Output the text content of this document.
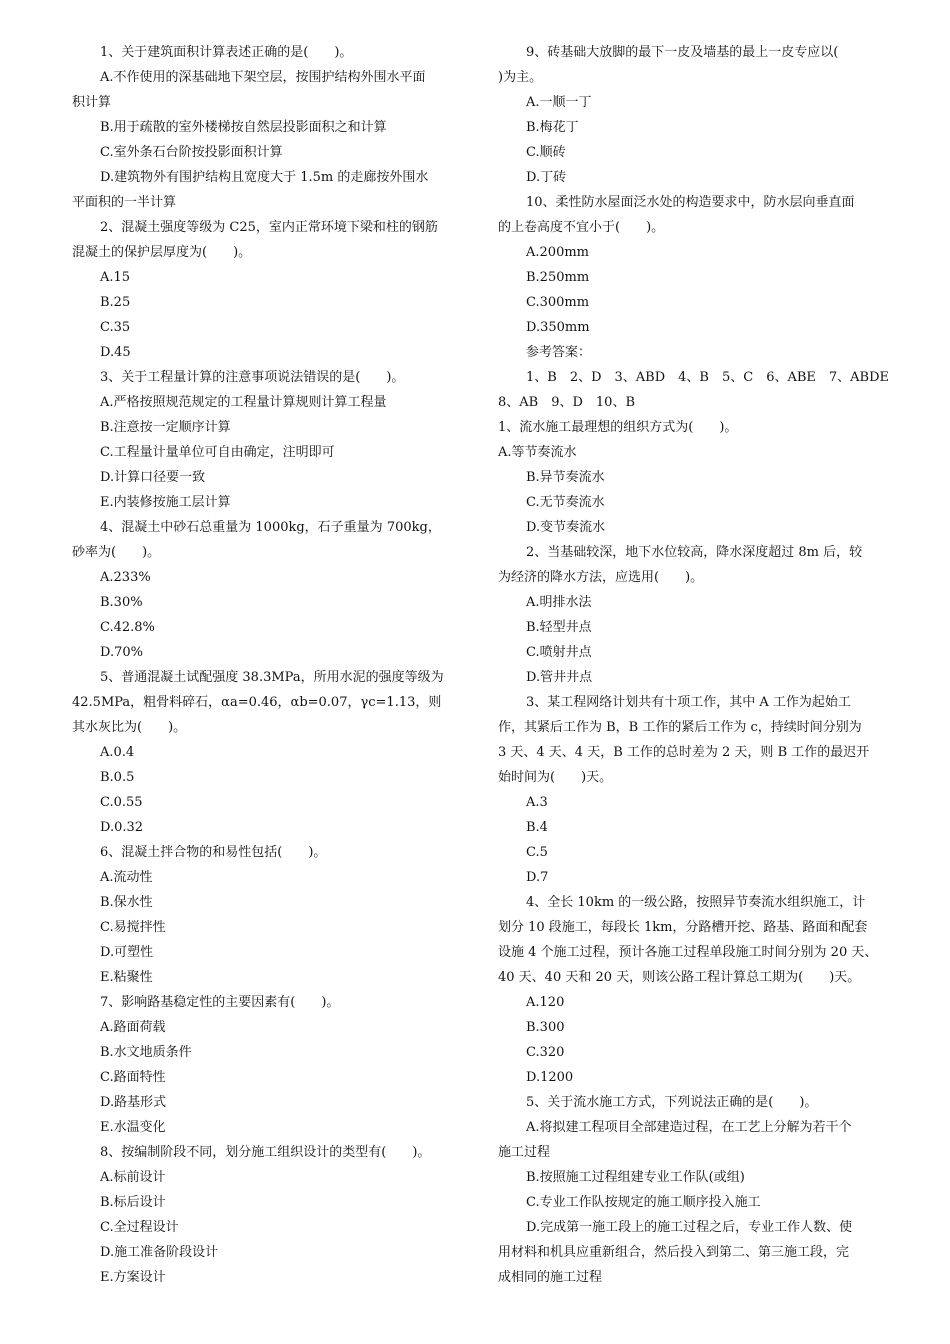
1、关于建筑面积计算表述正确的是(　　)。
A.不作使用的深基础地下架空层，按围护结构外围水平面
积计算
B.用于疏散的室外楼梯按自然层投影面积之和计算
C.室外条石台阶按投影面积计算
D.建筑物外有围护结构且宽度大于 1.5m 的走廊按外围水
平面积的一半计算
2、混凝土强度等级为 C25，室内正常环境下梁和柱的钢筋
混凝土的保护层厚度为(　　)。
A.15
B.25
C.35
D.45
3、关于工程量计算的注意事项说法错误的是(　　)。
A.严格按照规范规定的工程量计算规则计算工程量
B.注意按一定顺序计算
C.工程量计量单位可自由确定，注明即可
D.计算口径要一致
E.内装修按施工层计算
4、混凝土中砂石总重量为 1000kg，石子重量为 700kg，
砂率为(　　)。
A.233%
B.30%
C.42.8%
D.70%
5、普通混凝土试配强度 38.3MPa，所用水泥的强度等级为
42.5MPa，粗骨料碎石，αa=0.46，αb=0.07，γc=1.13，则
其水灰比为(　　)。
A.0.4
B.0.5
C.0.55
D.0.32
6、混凝土拌合物的和易性包括(　　)。
A.流动性
B.保水性
C.易搅拌性
D.可塑性
E.粘聚性
7、影响路基稳定性的主要因素有(　　)。
A.路面荷载
B.水文地质条件
C.路面特性
D.路基形式
E.水温变化
8、按编制阶段不同，划分施工组织设计的类型有(　　)。
A.标前设计
B.标后设计
C.全过程设计
D.施工准备阶段设计
E.方案设计
9、砖基础大放脚的最下一皮及墙基的最上一皮专应以(
)为主。
A.一顺一丁
B.梅花丁
C.顺砖
D.丁砖
10、柔性防水屋面泛水处的构造要求中，防水层向垂直面
的上卷高度不宜小于(　　)。
A.200mm
B.250mm
C.300mm
D.350mm
参考答案：
1、B　2、D　3、ABD　4、B　5、C　6、ABE　7、ABDE
8、AB　9、D　10、B
1、流水施工最理想的组织方式为(　　)。
A.等节奏流水
B.异节奏流水
C.无节奏流水
D.变节奏流水
2、当基础较深，地下水位较高，降水深度超过 8m 后，较
为经济的降水方法，应选用(　　)。
A.明排水法
B.轻型井点
C.喷射井点
D.管井井点
3、某工程网络计划共有十项工作，其中 A 工作为起始工
作，其紧后工作为 B，B 工作的紧后工作为 c，持续时间分别为
3 天、4 天、4 天，B 工作的总时差为 2 天，则 B 工作的最迟开
始时间为(　　)天。
A.3
B.4
C.5
D.7
4、全长 10km 的一级公路，按照异节奏流水组织施工，计
划分 10 段施工，每段长 1km，分路槽开挖、路基、路面和配套
设施 4 个施工过程，预计各施工过程单段施工时间分别为 20 天、
40 天、40 天和 20 天，则该公路工程计算总工期为(　　)天。
A.120
B.300
C.320
D.1200
5、关于流水施工方式，下列说法正确的是(　　)。
A.将拟建工程项目全部建造过程，在工艺上分解为若干个
施工过程
B.按照施工过程组建专业工作队(或组)
C.专业工作队按规定的施工顺序投入施工
D.完成第一施工段上的施工过程之后，专业工作人数、使
用材料和机具应重新组合，然后投入到第二、第三施工段，完
成相同的施工过程
